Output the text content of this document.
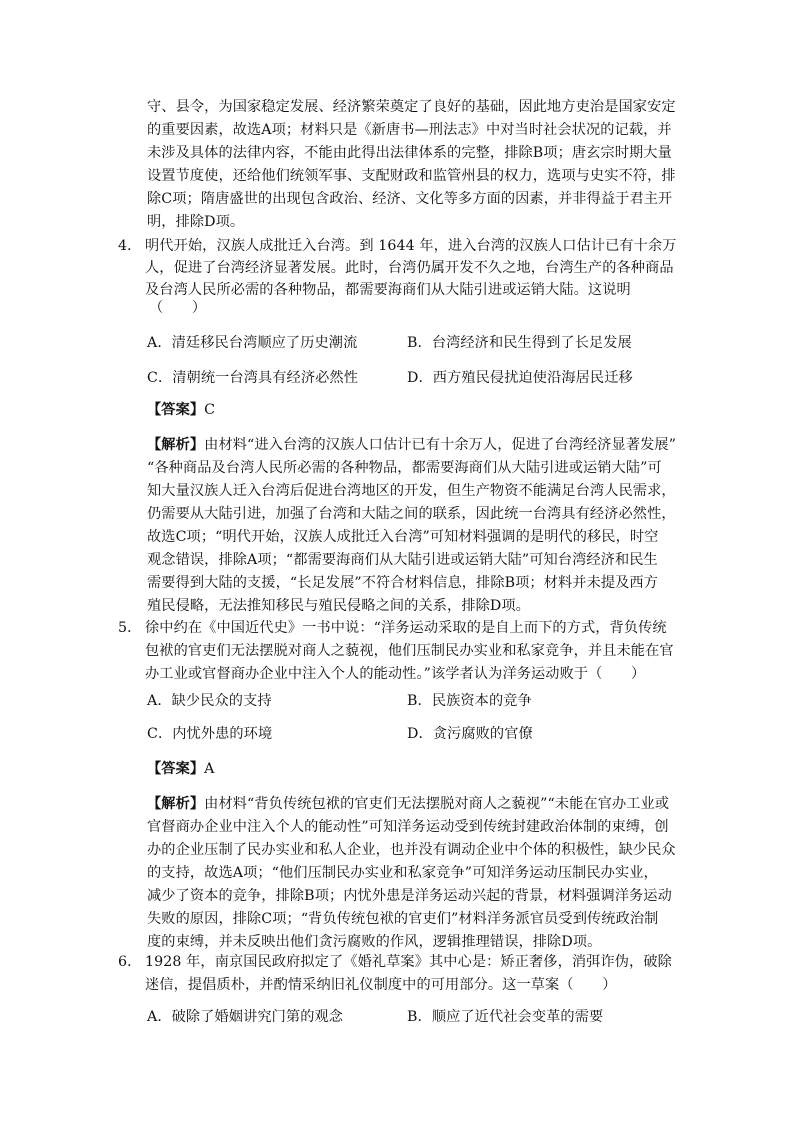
守、县令，为国家稳定发展、经济繁荣奠定了良好的基础，因此地方吏治是国家安定
的重要因素，故选A项；材料只是《新唐书—刑法志》中对当时社会状况的记载，并
未涉及具体的法律内容，不能由此得出法律体系的完整，排除B项；唐玄宗时期大量
设置节度使，还给他们统领军事、支配财政和监管州县的权力，选项与史实不符，排
除C项；隋唐盛世的出现包含政治、经济、文化等多方面的因素，并非得益于君主开
明，排除D项。
4． 明代开始，汉族人成批迁入台湾。到 1644 年，进入台湾的汉族人口估计已有十余万
人，促进了台湾经济显著发展。此时，台湾仍属开发不久之地，台湾生产的各种商品
及台湾人民所必需的各种物品，都需要海商们从大陆引进或运销大陆。这说明
（　　）
A．清廷移民台湾顺应了历史潮流	B．台湾经济和民生得到了长足发展
C．清朝统一台湾具有经济必然性	D．西方殖民侵扰迫使沿海居民迁移
【答案】C
【解析】由材料“进入台湾的汉族人口估计已有十余万人，促进了台湾经济显著发展”
“各种商品及台湾人民所必需的各种物品，都需要海商们从大陆引进或运销大陆”可
知大量汉族人迁入台湾后促进台湾地区的开发，但生产物资不能满足台湾人民需求，
仍需要从大陆引进，加强了台湾和大陆之间的联系，因此统一台湾具有经济必然性，
故选C项；“明代开始，汉族人成批迁入台湾”可知材料强调的是明代的移民，时空
观念错误，排除A项；“都需要海商们从大陆引进或运销大陆”可知台湾经济和民生
需要得到大陆的支援，“长足发展”不符合材料信息，排除B项；材料并未提及西方
殖民侵略，无法推知移民与殖民侵略之间的关系，排除D项。
5． 徐中约在《中国近代史》一书中说：“洋务运动采取的是自上而下的方式，背负传统
包袱的官吏们无法摆脱对商人之藐视，他们压制民办实业和私家竞争，并且未能在官
办工业或官督商办企业中注入个人的能动性。”该学者认为洋务运动败于（　　）
A．缺少民众的支持	B．民族资本的竞争
C．内忧外患的环境	D．贪污腐败的官僚
【答案】A
【解析】由材料“背负传统包袱的官吏们无法摆脱对商人之藐视”“未能在官办工业或
官督商办企业中注入个人的能动性”可知洋务运动受到传统封建政治体制的束缚，创
办的企业压制了民办实业和私人企业，也并没有调动企业中个体的积极性，缺少民众
的支持，故选A项；“他们压制民办实业和私家竞争”可知洋务运动压制民办实业，
减少了资本的竞争，排除B项；内忧外患是洋务运动兴起的背景，材料强调洋务运动
失败的原因，排除C项；“背负传统包袱的官吏们”材料洋务派官员受到传统政治制
度的束缚，并未反映出他们贪污腐败的作风，逻辑推理错误，排除D项。
6． 1928 年，南京国民政府拟定了《婚礼草案》其中心是：矫正奢侈，消弭诈伪，破除
迷信，提倡质朴，并酌情采纳旧礼仪制度中的可用部分。这一草案（　　）
A．破除了婚姻讲究门第的观念	B．顺应了近代社会变革的需要
